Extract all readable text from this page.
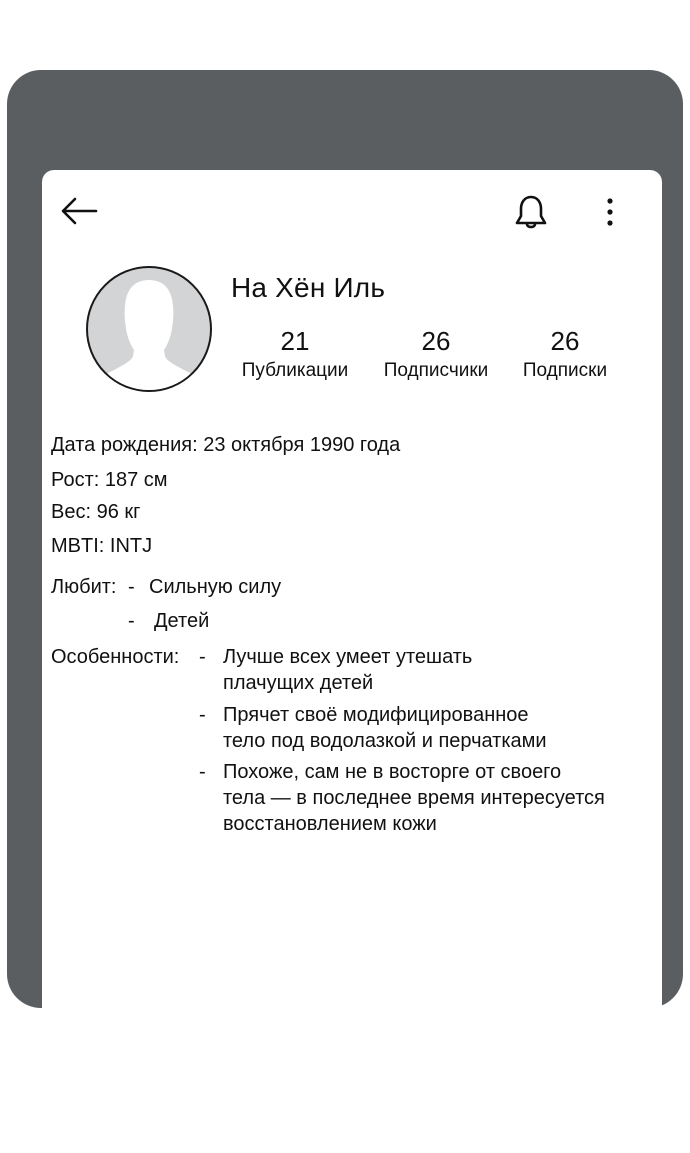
На Хён Иль
21
Публикации
26
Подписчики
26
Подписки
Дата рождения: 23 октября 1990 года
Рост: 187 см
Вес: 96 кг
MBTI: INTJ
Любит: - Сильную силу
- Детей
Особенности: - Лучше всех умеет утешать
плачущих детей
- Прячет своё модифицированное
тело под водолазкой и перчатками
- Похоже, сам не в восторге от своего
тела — в последнее время интересуется
восстановлением кожи
